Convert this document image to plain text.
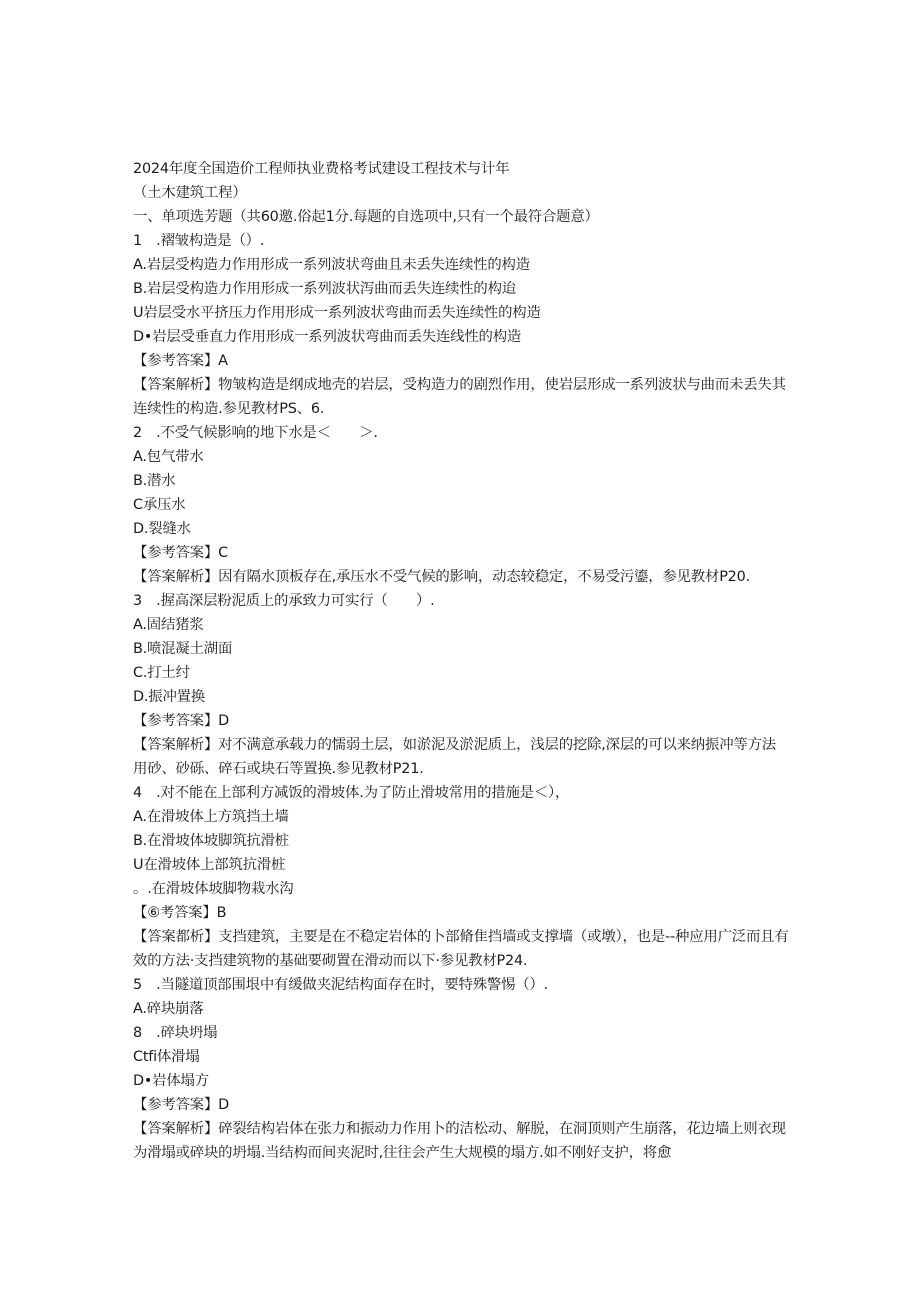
2024年度全国造价工程师执业费格考试建设工程技术与计年
（土木建筑工程）
一、单项选芳题（共60邀.俗起1分.每题的自选项中,只有一个最符合题意）
1　.褶皱构造是（）.
A.岩层受构造力作用形成一系列波状弯曲且未丢失连续性的构造
B.岩层受构造力作用形成一系列波状泻曲而丢失连续性的构迨
U岩层受水平挤压力作用形成一系列波状弯曲而丢失连续性的构造
D•岩层受垂直力作用形成一系列波状弯曲而丢失连线性的构造
【参考答案】A
【答案解析】物皱构造是纲成地壳的岩层，受构造力的剧烈作用，使岩层形成一系列波状与曲而未丢失其连续性的构造.参见教材PS、6.
2　.不受气候影响的地下水是＜　　＞.
A.包气带水
B.潜水
C承压水
D.裂缝水
【参考答案】C
【答案解析】因有隔水顶板存在,承压水不受气候的影响，动态较稳定，不易受污鎏，参见教材P20.
3　.握高深层粉泥质上的承致力可实行（　　）.
A.固结猪浆
B.喷混凝土湖面
C.打土纣
D.振冲置换
【参考答案】D
【答案解析】对不满意承载力的懦弱土层，如淤泥及淤泥质上，浅层的挖除,深层的可以来纳振冲等方法用砂、砂砾、碎石或块石等置换.参见教材P21.
4　.对不能在上部利方减饭的滑坡体.为了防止滑坡常用的措施是＜），
A.在滑坡体上方筑挡土墙
B.在滑坡体坡脚筑抗滑桩
U在滑坡体上部筑抗滑桩
。.在滑坡体坡脚物栽水沟
【⑥考答案】B
【答案都析】支挡建筑，主要是在不稳定岩体的卜部脩隹挡墙或支撑墙（或墩），也是--种应用广泛而且有效的方法·支挡建筑物的基础要砌置在滑动而以下·参见教材P24.
5　.当隧道顶部围垠中有缓做夹泥结构面存在时，要特殊警惕（）.
A.碎块崩落
8　.碎块坍塌
Ctfi体滑塌
D•岩体塌方
【参考答案】D
【答案解析】碎裂结构岩体在张力和振动力作用卜的洁松动、解脱，在洞顶则产生崩落，花边墙上则衣现为滑塌或碎块的坍塌.当结构而间夹泥时,往往会产生大规模的塌方.如不刚好支护，将愈
